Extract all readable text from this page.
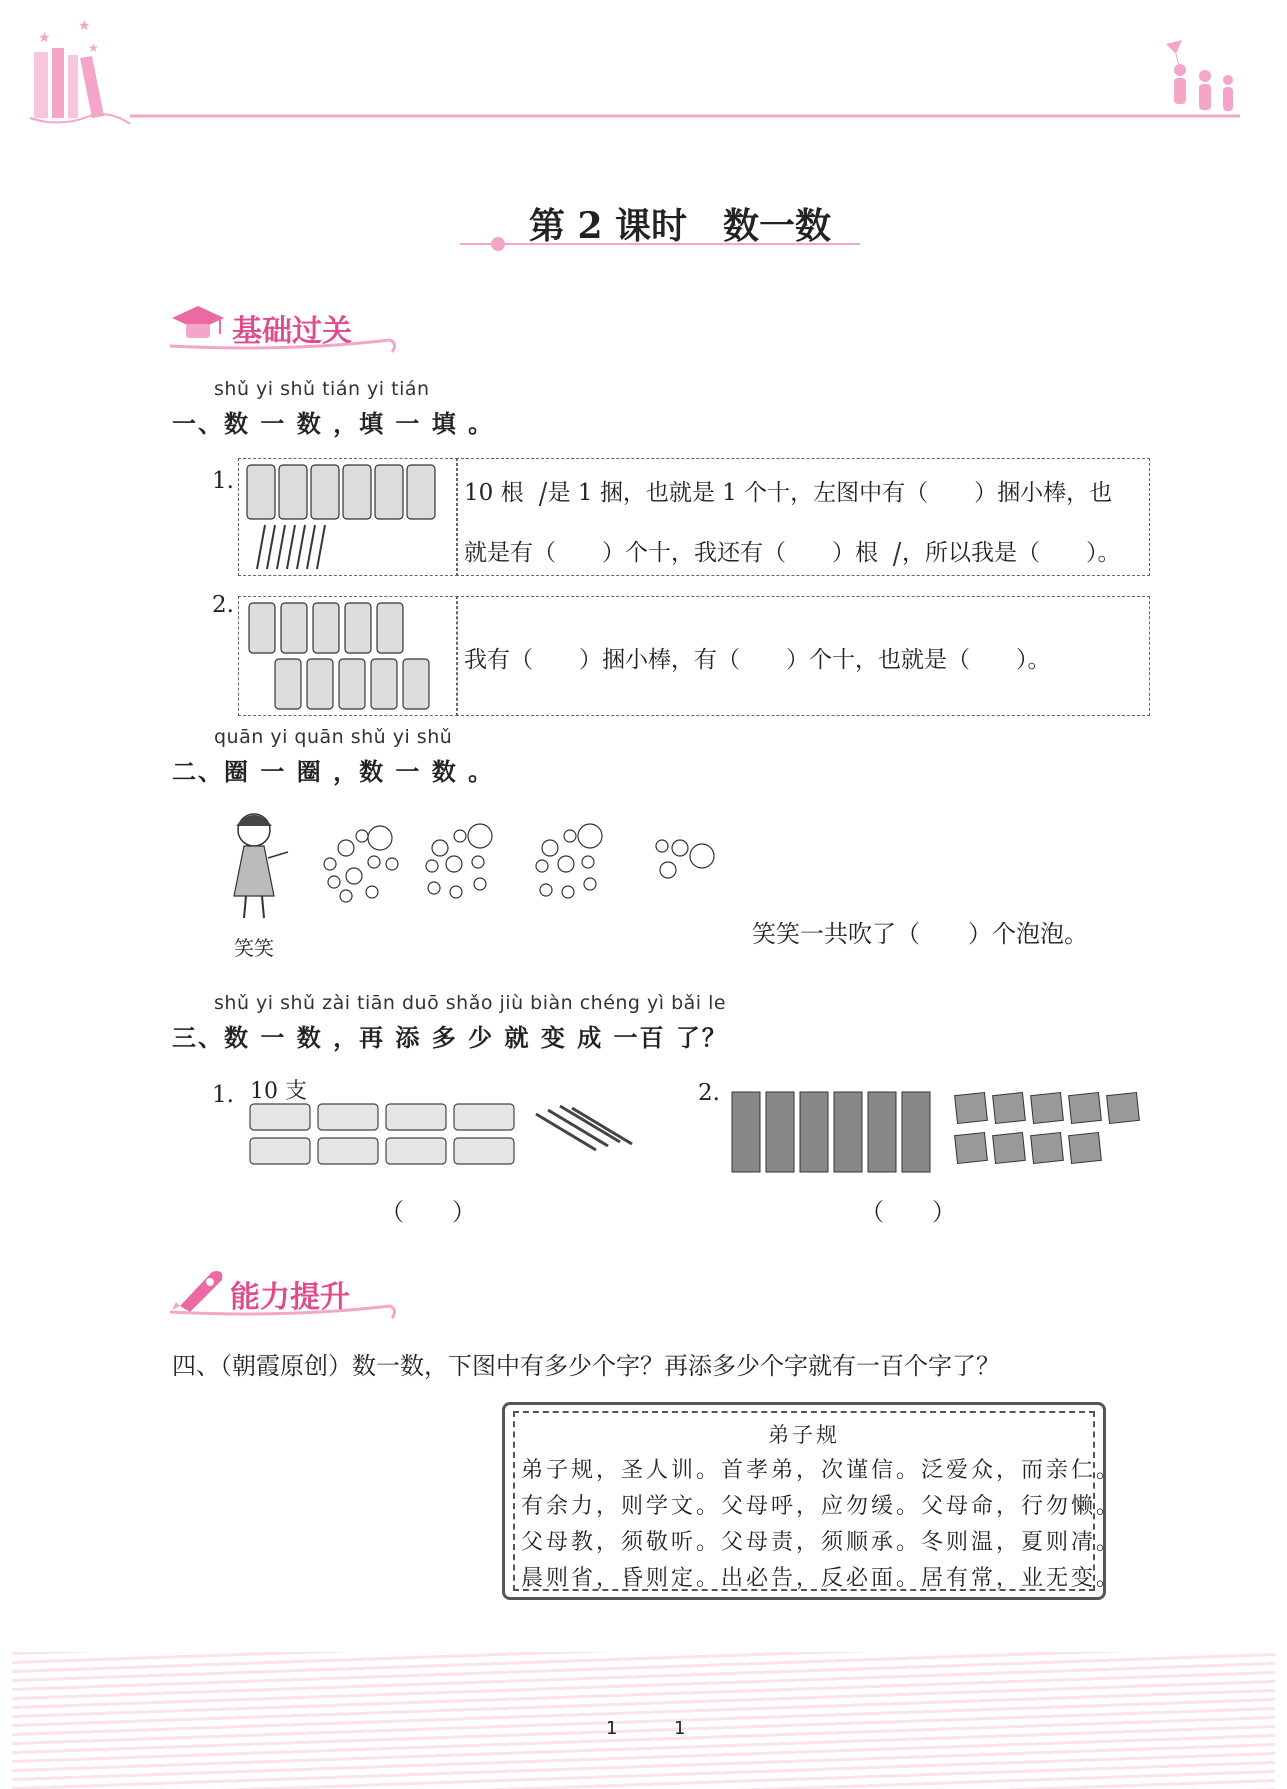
★
★
★
第 2 课时　数一数
基础过关
shǔ yi shǔ tián yi tián
一、数 一 数 ，填 一 填 。
1.	10 根 是 1 捆，也就是 1 个十，左图中有（　　）捆小棒，也
就是有（　　）个十，我还有（　　）根 ，所以我是（　　）。
2.
我有（　　）捆小棒，有（　　）个十，也就是（　　）。
quān yi quān shǔ yi shǔ
二、圈 一 圈 ，数 一 数 。
笑笑	笑笑一共吹了（　　）个泡泡。
shǔ yi shǔ zài tiān duō shǎo jiù biàn chéng yì bǎi le
三、数 一 数 ，再 添 多 少 就 变 成 一百 了？
1. 10 支
（　　）
2.
（　　）
能力提升
四、（朝霞原创）数一数，下图中有多少个字？再添多少个字就有一百个字了？
弟子规
弟子规，圣人训。首孝弟，次谨信。泛爱众，而亲仁。
有余力，则学文。父母呼，应勿缓。父母命，行勿懒。
父母教，须敬听。父母责，须顺承。冬则温，夏则凊。
晨则省，昏则定。出必告，反必面。居有常，业无变。
1	1
